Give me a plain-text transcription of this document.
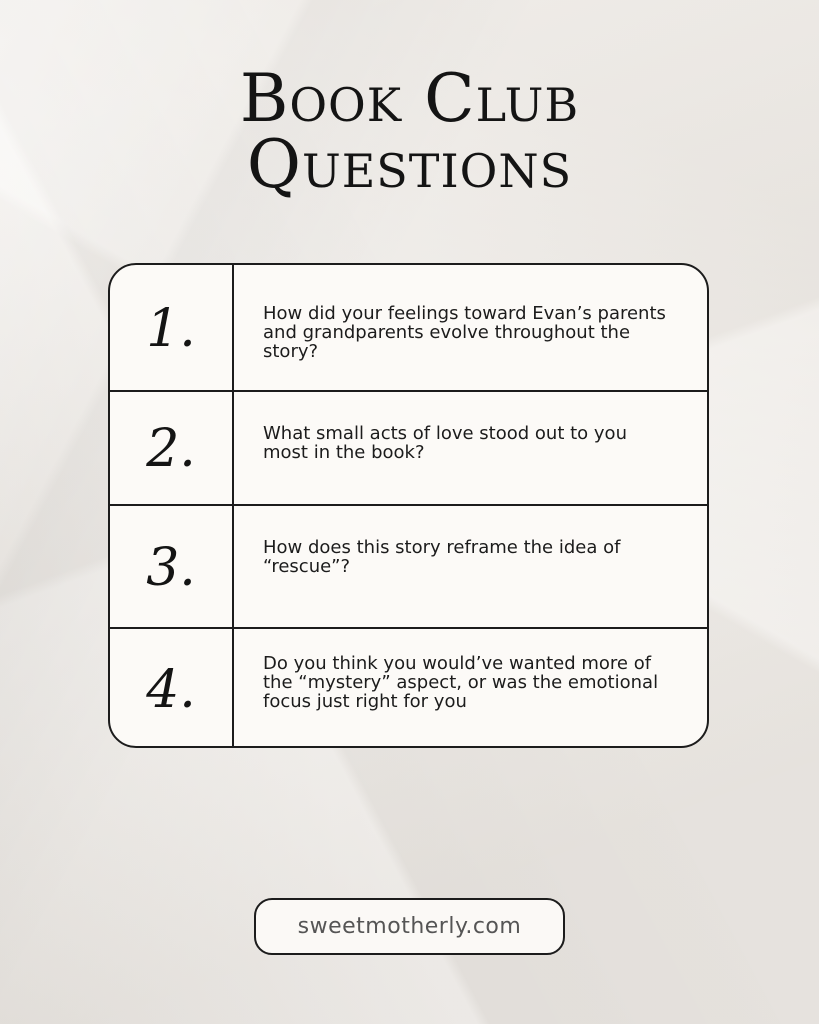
Book Club
Questions
1.	How did your feelings toward Evan’s parents and grandparents evolve throughout the story?
2.	What small acts of love stood out to you most in the book?
3.	How does this story reframe the idea of “rescue”?
4.	Do you think you would’ve wanted more of the “mystery” aspect, or was the emotional focus just right for you
sweetmotherly.com
